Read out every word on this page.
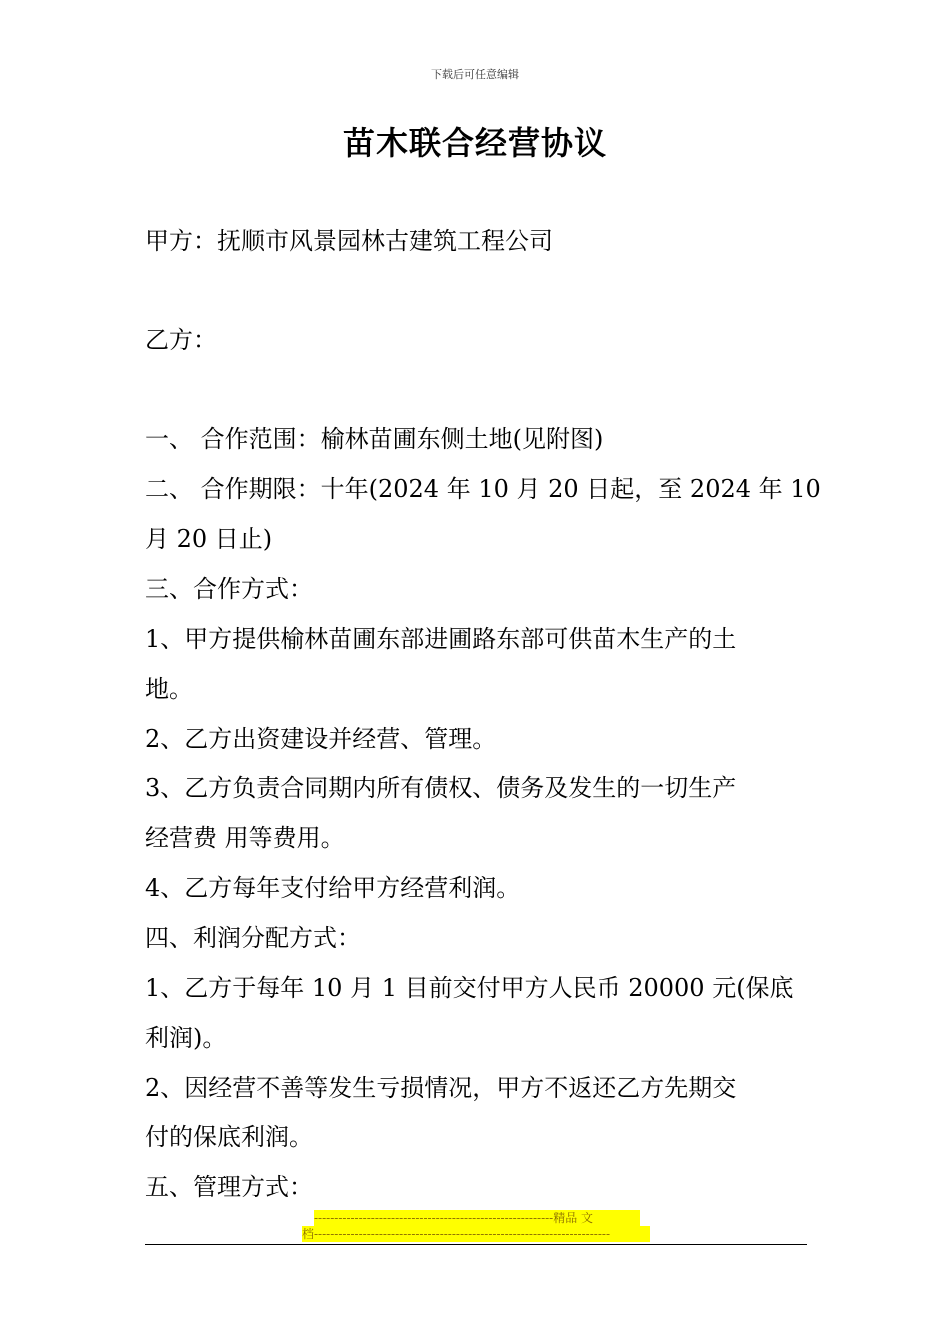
下载后可任意编辑
苗木联合经营协议
甲方：抚顺市风景园林古建筑工程公司
乙方：
一、 合作范围：榆林苗圃东侧土地(见附图)
二、 合作期限：十年(2024 年 10 月 20 日起，至 2024 年 10
月 20 日止)
三、合作方式：
1、甲方提供榆林苗圃东部进圃路东部可供苗木生产的土
地。
2、乙方出资建设并经营、管理。
3、乙方负责合同期内所有债权、债务及发生的一切生产
经营费 用等费用。
4、乙方每年支付给甲方经营利润。
四、利润分配方式：
1、乙方于每年 10 月 1 目前交付甲方人民币 20000 元(保底
利润)。
2、因经营不善等发生亏损情况，甲方不返还乙方先期交
付的保底利润。
五、管理方式：
-----------------------------------------------------------精品 文
档-------------------------------------------------------------------------
